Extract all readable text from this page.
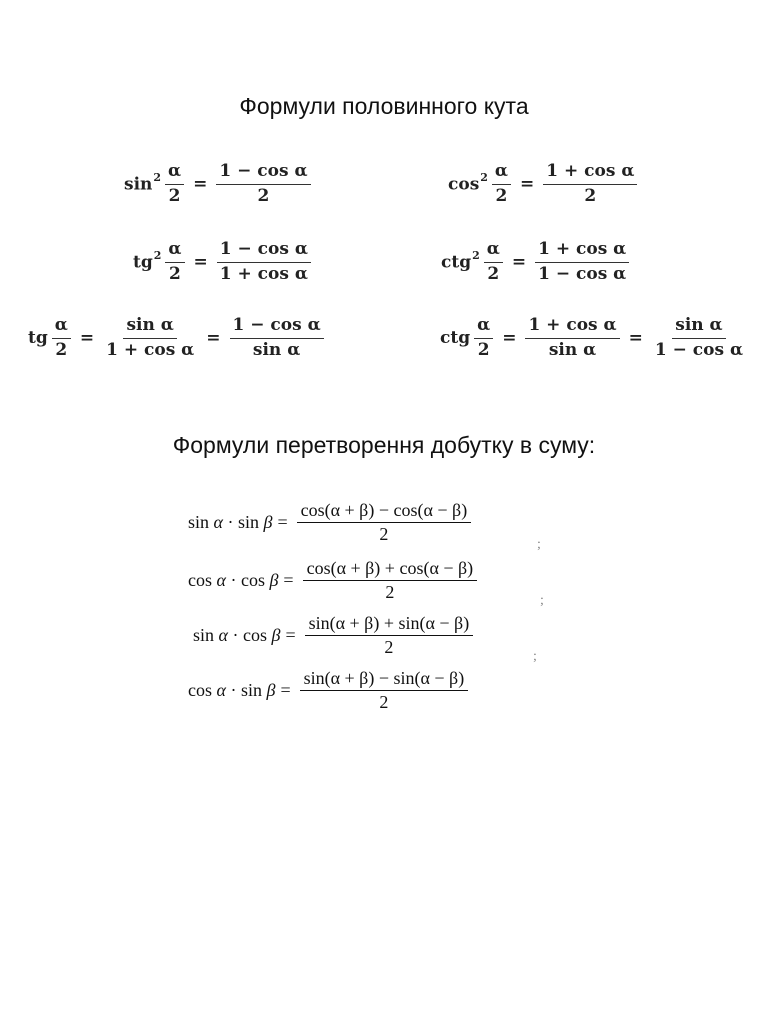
Формули половинного кута
$\sin^2 \frac{\alpha}{2} = \frac{\text{1 − cos α}}{2}$	$\cos^2 \frac{\alpha}{2} = \frac{\text{1 + cos α}}{2}$
$tg^2 \frac{\alpha}{2} = \frac{\text{1 − cos α}}{\text{1 + cos α}}$	$ctg^2 \frac{\alpha}{2} = \frac{\text{1 + cos α}}{\text{1 − cos α}}$
tg $\frac{\alpha}{2} = \frac{\text{sin α}}{\text{1 + cos α}} = \frac{\text{1 − cos α}}{\text{sin α}}$	ctg $\frac{\alpha}{2} = \frac{\text{1 + cos α}}{\text{sin α}} = \frac{\text{sin α}}{\text{1 − cos α}}$
Формули перетворення добутку в суму:
$\sin \alpha \cdot \sin \beta = \frac{\cos(\alpha + \beta) - \cos(\alpha - \beta)}{2}$
;
$\cos \alpha \cdot \cos \beta = \frac{\cos(\alpha + \beta) + \cos(\alpha - \beta)}{2}$	;
$\sin \alpha \cdot \cos \beta = \frac{\sin(\alpha + \beta) + \sin(\alpha - \beta)}{2}$	;
$\cos \alpha \cdot \sin \beta = \frac{\sin(\alpha + \beta) - \sin(\alpha - \beta)}{2}$
